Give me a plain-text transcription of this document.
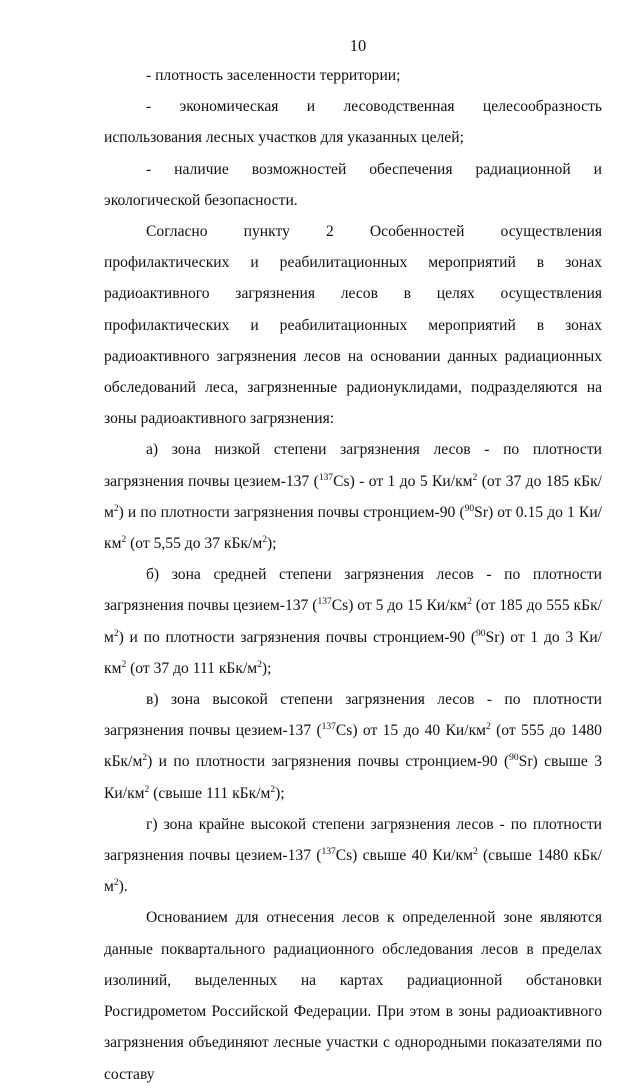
10

- плотность заселенности территории;

- экономическая и лесоводственная целесообразность использования лесных участков для указанных целей;

- наличие возможностей обеспечения радиационной и экологической безопасности.

Согласно пункту 2 Особенностей осуществления профилактических и реабилитационных мероприятий в зонах радиоактивного загрязнения лесов в целях осуществления профилактических и реабилитационных мероприятий в зонах радиоактивного загрязнения лесов на основании данных радиационных обследований леса, загрязненные радионуклидами, подразделяются на зоны радиоактивного загрязнения:

а) зона низкой степени загрязнения лесов - по плотности загрязнения почвы цезием-137 ($^{137}$Cs) - от 1 до 5 $Ки/км^2$ (от 37 до 185 кБк/$м^2$) и по плотности загрязнения почвы стронцием-90 ($^{90}$Sr) от 0.15 до 1 $Ки/км^2$ (от 5,55 до 37 кБк/$м^2$);

б) зона средней степени загрязнения лесов - по плотности загрязнения почвы цезием-137 ($^{137}$Cs) от 5 до 15 $Ки/км^2$ (от 185 до 555 кБк/$м^2$) и по плотности загрязнения почвы стронцием-90 ($^{90}$Sr) от 1 до 3 $Ки/км^2$ (от 37 до 111 кБк/$м^2$);

в) зона высокой степени загрязнения лесов - по плотности загрязнения почвы цезием-137 ($^{137}$Cs) от 15 до 40 $Ки/км^2$ (от 555 до 1480 кБк/$м^2$) и по плотности загрязнения почвы стронцием-90 ($^{90}$Sr) свыше 3 $Ки/км^2$ (свыше 111 кБк/$м^2$);

г) зона крайне высокой степени загрязнения лесов - по плотности загрязнения почвы цезием-137 ($^{137}$Cs) свыше 40 $Ки/км^2$ (свыше 1480 кБк/$м^2$).

Основанием для отнесения лесов к определенной зоне являются данные поквартального радиационного обследования лесов в пределах изолиний, выделенных на картах радиационной обстановки Росгидрометом Российской Федерации. При этом в зоны радиоактивного загрязнения объединяют лесные участки с однородными показателями по составу
